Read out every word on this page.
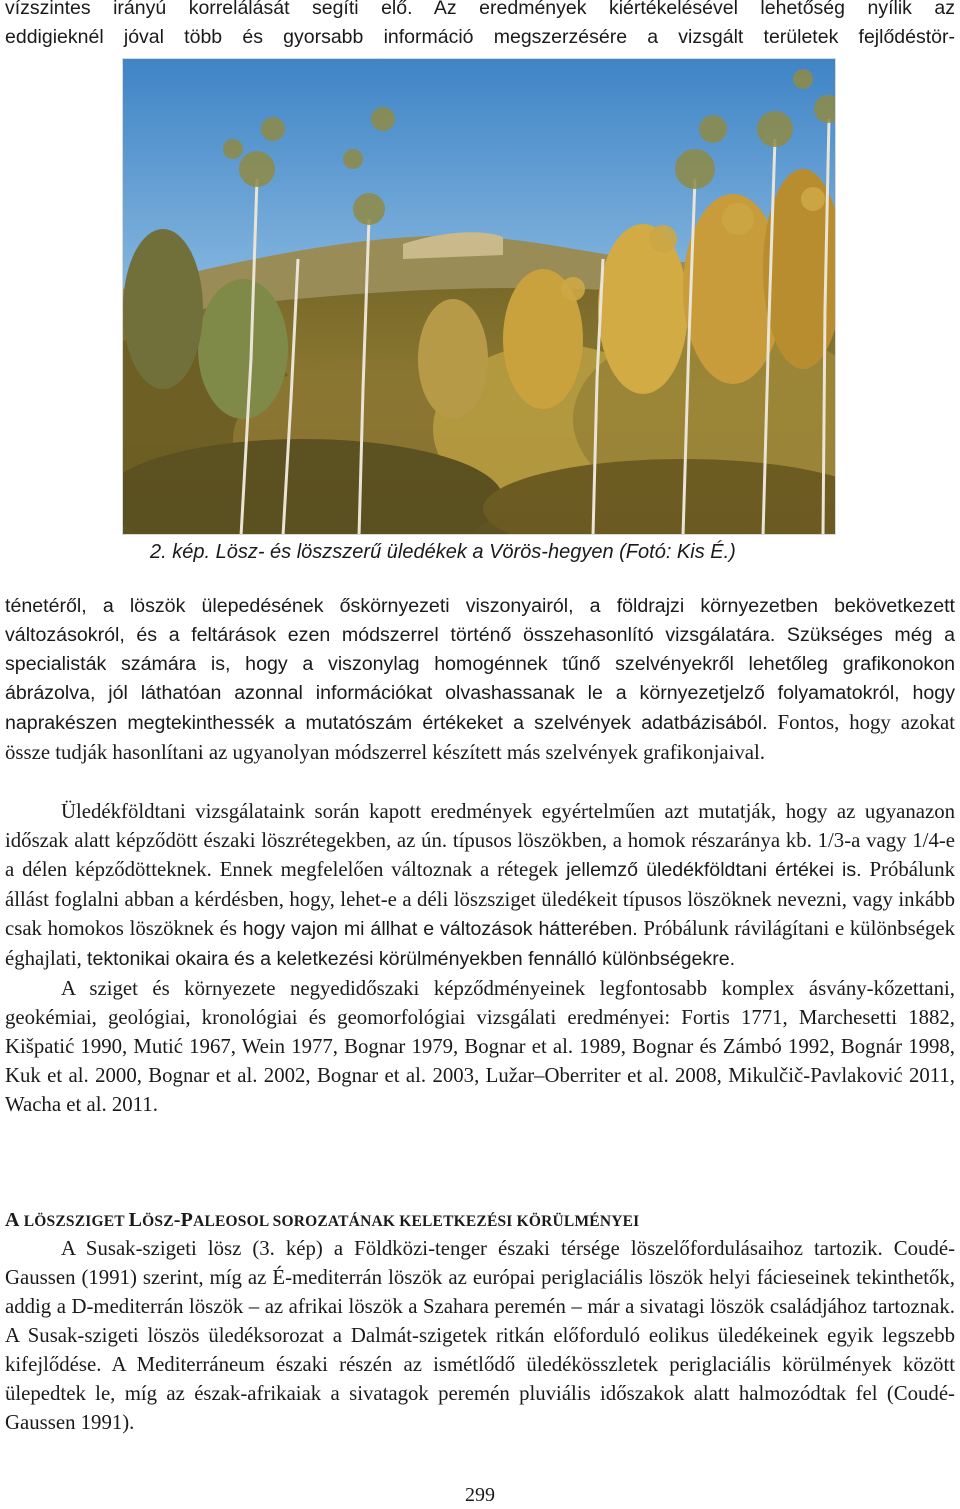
vízszintes irányú korrelálását segíti elő. Az eredmények kiértékelésével lehetőség nyílik az
eddigieknél jóval több és gyorsabb információ megszerzésére a vizsgált területek fejlődéstör-
2. kép. Lösz- és löszszerű üledékek a Vörös-hegyen (Fotó: Kis É.)

ténetéről, a löszök ülepedésének őskörnyezeti viszonyairól, a földrajzi környezetben bekövetkezett változásokról, és a feltárások ezen módszerrel történő összehasonlító vizsgálatára. Szükséges még a specialisták számára is, hogy a viszonylag homogénnek tűnő szelvényekről lehetőleg grafikonokon ábrázolva, jól láthatóan azonnal információkat olvashassanak le a környezetjelző folyamatokról, hogy naprakészen megtekinthessék a mutatószám értékeket a szelvények adatbázisából. Fontos, hogy azokat össze tudják hasonlítani az ugyanolyan módszerrel készített más szelvények grafikonjaival.

Üledékföldtani vizsgálataink során kapott eredmények egyértelműen azt mutatják, hogy az ugyanazon időszak alatt képződött északi löszrétegekben, az ún. típusos löszökben, a homok részaránya kb. 1/3-a vagy 1/4-e a délen képződötteknek. Ennek megfelelően változnak a rétegek jellemző üledékföldtani értékei is. Próbálunk állást foglalni abban a kérdésben, hogy, lehet-e a déli löszsziget üledékeit típusos löszöknek nevezni, vagy inkább csak homokos löszöknek és hogy vajon mi állhat e változások hátterében. Próbálunk rávilágítani e különbségek éghajlati, tektonikai okaira és a keletkezési körülményekben fennálló különbségekre.

A sziget és környezete negyedidőszaki képződményeinek legfontosabb komplex ásvány-kőzettani, geokémiai, geológiai, kronológiai és geomorfológiai vizsgálati eredményei: Fortis 1771, Marchesetti 1882, Kišpatić 1990, Mutić 1967, Wein 1977, Bognar 1979, Bognar et al. 1989, Bognar és Zámbó 1992, Bognár 1998, Kuk et al. 2000, Bognar et al. 2002, Bognar et al. 2003, Lužar–Oberriter et al. 2008, Mikulčič-Pavlaković 2011, Wacha et al. 2011.

A LÖSZSZIGET LÖSZ-PALEOSOL SOROZATÁNAK KELETKEZÉSI KÖRÜLMÉNYEI

A Susak-szigeti lösz (3. kép) a Földközi-tenger északi térsége löszelőfordulásaihoz tartozik. Coudé-Gaussen (1991) szerint, míg az É-mediterrán löszök az európai periglaciális löszök helyi fácieseinek tekinthetők, addig a D-mediterrán löszök – az afrikai löszök a Szahara peremén – már a sivatagi löszök családjához tartoznak. A Susak-szigeti löszös üledéksorozat a Dalmát-szigetek ritkán előforduló eolikus üledékeinek egyik legszebb kifejlődése. A Mediterráneum északi részén az ismétlődő üledékösszletek periglaciális körülmények között ülepedtek le, míg az észak-afrikaiak a sivatagok peremén pluviális időszakok alatt halmozódtak fel (Coudé-Gaussen 1991).

299
